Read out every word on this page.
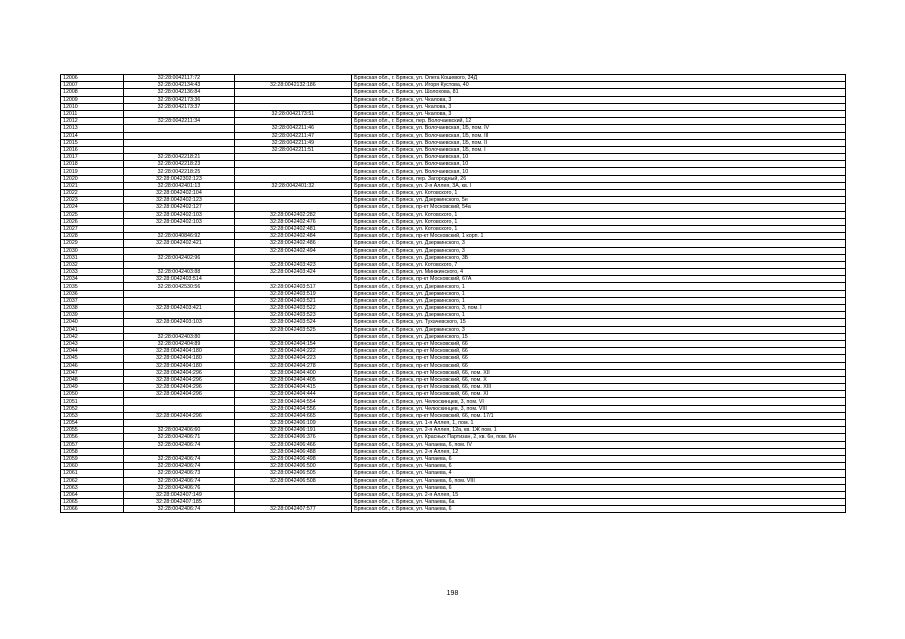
12006	32:28:0042117:72		Брянская обл., г. Брянск, ул. Олега Кошевого, 34Д
12007	32:28:0042134:43	32:28:0042132:186	Брянская обл., г. Брянск, ул. Игоря Кустова, 40
12008	32:28:0042136:84		Брянская обл., г. Брянск, ул. Шолохова, 81
12009	32:28:0042173:36		Брянская обл., г. Брянск, ул. Чкалова, 3
12010	32:28:0042173:37		Брянская обл., г. Брянск, ул. Чкалова, 3
12011		32:28:0042173:51	Брянская обл., г. Брянск, ул. Чкалова, 3
12012	32:28:0042211:34		Брянская обл., г. Брянск, пер. Волочаевский, 12
12013		32:28:0042211:46	Брянская обл., г. Брянск, ул. Волочаевская, 1Б, пом. IV
12014		32:28:0042211:47	Брянская обл., г. Брянск, ул. Волочаевская, 1Б, пом. III
12015		32:28:0042211:49	Брянская обл., г. Брянск, ул. Волочаевская, 1Б, пом. II
12016		32:28:0042211:51	Брянская обл., г. Брянск, ул. Волочаевская, 1Б, пом. I
12017	32:28:0042218:21		Брянская обл., г. Брянск, ул. Волочаевская, 10
12018	32:28:0042218:23		Брянская обл., г. Брянск, ул. Волочаевская, 10
12019	32:28:0042218:25		Брянская обл., г. Брянск, ул. Волочаевская, 10
12020	32:28:0042302:123		Брянская обл., г. Брянск, пер. Загородный, 26
12021	32:28:0042401:13	32:28:0042401:32	Брянская обл., г. Брянск, ул. 2-я Аллея, 3А, кв. I
12022	32:28:0042402:104		Брянская обл., г. Брянск, ул. Котовского, 1
12023	32:28:0042402:123		Брянская обл., г. Брянск, ул. Дзержинского, 5н
12024	32:28:0042402:127		Брянская обл., г. Брянск, пр-кт Московский, 54а
12025	32:28:0042402:103	32:28:0042402:282	Брянская обл., г. Брянск, ул. Котовского, 1
12026	32:28:0042402:103	32:28:0042402:476	Брянская обл., г. Брянск, ул. Котовского, 1
12027		32:28:0042402:481	Брянская обл., г. Брянск, ул. Котовского, 1
12028	32:28:0040846:92	32:28:0042402:484	Брянская обл., г. Брянск, пр-кт Московский, 1 корп. 1
12029	32:28:0042402:421	32:28:0042402:486	Брянская обл., г. Брянск, ул. Дзержинского, 3
12030		32:28:0042402:494	Брянская обл., г. Брянск, ул. Дзержинского, 3
12031	32:28:0042402:96		Брянская обл., г. Брянск, ул. Дзержинского, 3Б
12032		32:28:0042403:423	Брянская обл., г. Брянск, ул. Котовского, 7
12033	32:28:0042403:88	32:28:0042403:424	Брянская обл., г. Брянск, ул. Минжинского, 4
12034	32:28:0042403:514		Брянская обл., г. Брянск, пр-кт Московский, 67А
12035	32:28:0042530:56	32:28:0042403:517	Брянская обл., г. Брянск, ул. Дзержинского, 1
12036		32:28:0042403:519	Брянская обл., г. Брянск, ул. Дзержинского, 1
12037		32:28:0042403:521	Брянская обл., г. Брянск, ул. Дзержинского, 1
12038	32:28:0042403:421	32:28:0042403:522	Брянская обл., г. Брянск, ул. Дзержинского, 3, пом. I
12039		32:28:0042403:523	Брянская обл., г. Брянск, ул. Дзержинского, 1
12040	32:28:0042403:103	32:28:0042403:524	Брянская обл., г. Брянск, ул. Тухачевского, 15
12041		32:28:0042403:525	Брянская обл., г. Брянск, ул. Дзержинского, 3
12042	32:28:0042403:80		Брянская обл., г. Брянск, ул. Дзержинского, 15
12043	32:28:0042404:89	32:28:0042404:154	Брянская обл., г. Брянск, пр-кт Московский, 66
12044	32:28:0042404:180	32:28:0042404:222	Брянская обл., г. Брянск, пр-кт Московский, 66
12045	32:28:0042404:180	32:28:0042404:223	Брянская обл., г. Брянск, пр-кт Московский, 66
12046	32:28:0042404:180	32:28:0042404:278	Брянская обл., г. Брянск, пр-кт Московский, 66
12047	32:28:0042404:296	32:28:0042404:400	Брянская обл., г. Брянск, пр-кт Московский, 66, пом. XII
12048	32:28:0042404:296	32:28:0042404:405	Брянская обл., г. Брянск, пр-кт Московский, 66, пом. X
12049	32:28:0042404:296	32:28:0042404:415	Брянская обл., г. Брянск, пр-кт Московский, 66, пом. XIII
12050	32:28:0042404:296	32:28:0042404:444	Брянская обл., г. Брянск, пр-кт Московский, 66, пом. XI
12051		32:28:0042404:554	Брянская обл., г. Брянск, ул. Челюскинцев, 3, пом. VI
12052		32:28:0042404:556	Брянская обл., г. Брянск, ул. Челюскинцев, 3, пом. VIII
12053	32:28:0042404:296	32:28:0042404:665	Брянская обл., г. Брянск, пр-кт Московский, 66, пом. 17/1
12054		32:28:0042406:109	Брянская обл., г. Брянск, ул. 1-я Аллея, 1, пом. 1
12055	32:28:0042406:60	32:28:0042406:191	Брянская обл., г. Брянск, ул. 2-я Аллея, 12а, кв. 1Ж пом. 1
12056	32:28:0042406:71	32:28:0042406:376	Брянская обл., г. Брянск, ул. Красных Партизан, 2, кв. 6н, пом. 6/н
12057	32:28:0042406:74	32:28:0042406:466	Брянская обл., г. Брянск, ул. Чапаева, 6, пом. IV
12058		32:28:0042406:488	Брянская обл., г. Брянск, ул. 2-я Аллея, 12
12059	32:28:0042406:74	32:28:0042406:498	Брянская обл., г. Брянск, ул. Чапаева, 6
12060	32:28:0042406:74	32:28:0042406:500	Брянская обл., г. Брянск, ул. Чапаева, 6
12061	32:28:0042406:73	32:28:0042406:505	Брянская обл., г. Брянск, ул. Чапаева, 4
12062	32:28:0042406:74	32:28:0042406:508	Брянская обл., г. Брянск, ул. Чапаева, 6, пом. VIII
12063	32:28:0042406:76		Брянская обл., г. Брянск, ул. Чапаева, 6
12064	32:28:0042407:149		Брянская обл., г. Брянск, ул. 2-я Аллея, 15
12065	32:28:0042407:185		Брянская обл., г. Брянск, ул. Чапаева, 6а
12066	32:28:0042406:74	32:28:0042407:577	Брянская обл., г. Брянск, ул. Чапаева, 6
198
